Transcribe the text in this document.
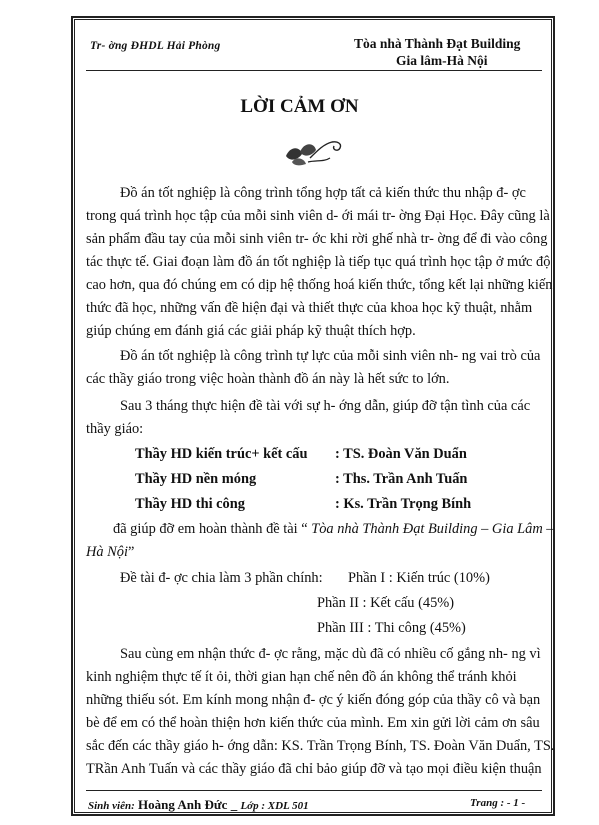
Tr- ờng ĐHDL Hải Phòng	Tòa nhà Thành Đạt Building
Gia lâm-Hà Nội
LỜI CẢM ƠN
Đồ án tốt nghiệp là công trình tổng hợp tất cả kiến thức thu nhập đ- ợc
trong quá trình học tập của mỗi sinh viên d- ới mái tr- ờng Đại Học. Đây cũng là
sản phẩm đầu tay của mỗi sinh viên tr- ớc khi rời ghế nhà tr- ờng để đi vào công
tác thực tế. Giai đoạn làm đồ án tốt nghiệp là tiếp tục quá trình học tập ở mức độ
cao hơn, qua đó chúng em có dịp hệ thống hoá kiến thức, tổng kết lại những kiến
thức đã học, những vấn đề hiện đại và thiết thực của khoa học kỹ thuật, nhằm
giúp chúng em đánh giá các giải pháp kỹ thuật thích hợp.
Đồ án tốt nghiệp là công trình tự lực của mỗi sinh viên nh- ng vai trò của
các thầy giáo trong việc hoàn thành đồ án này là hết sức to lớn.
Sau 3 tháng thực hiện đề tài với sự h- ớng dẫn, giúp đỡ tận tình của các
thầy giáo:
Thầy HD kiến trúc+ kết cấu : TS. Đoàn Văn Duẩn
Thầy HD nền móng	: Ths. Trần Anh Tuấn
Thầy HD thi công	: Ks. Trần Trọng Bính
đã giúp đỡ em hoàn thành đề tài “ Tòa nhà Thành Đạt Building – Gia Lâm –
Hà Nội”
Đề tài đ- ợc chia làm 3 phần chính: Phần I : Kiến trúc (10%)
Phần II : Kết cấu (45%)
Phần III : Thi công (45%)
Sau cùng em nhận thức đ- ợc rằng, mặc dù đã có nhiều cố gắng nh- ng vì
kinh nghiệm thực tế ít ỏi, thời gian hạn chế nên đồ án không thể tránh khỏi
những thiếu sót. Em kính mong nhận đ- ợc ý kiến đóng góp của thầy cô và bạn
bè để em có thể hoàn thiện hơn kiến thức của mình. Em xin gửi lời cảm ơn sâu
sắc đến các thầy giáo h- ớng dẫn: KS. Trần Trọng Bính, TS. Đoàn Văn Duẩn, TS.
TRần Anh Tuấn và các thầy giáo đã chỉ bảo giúp đỡ và tạo mọi điều kiện thuận
Sinh viên: Hoàng Anh Đức _ Lớp : XDL 501	Trang : - 1 -
